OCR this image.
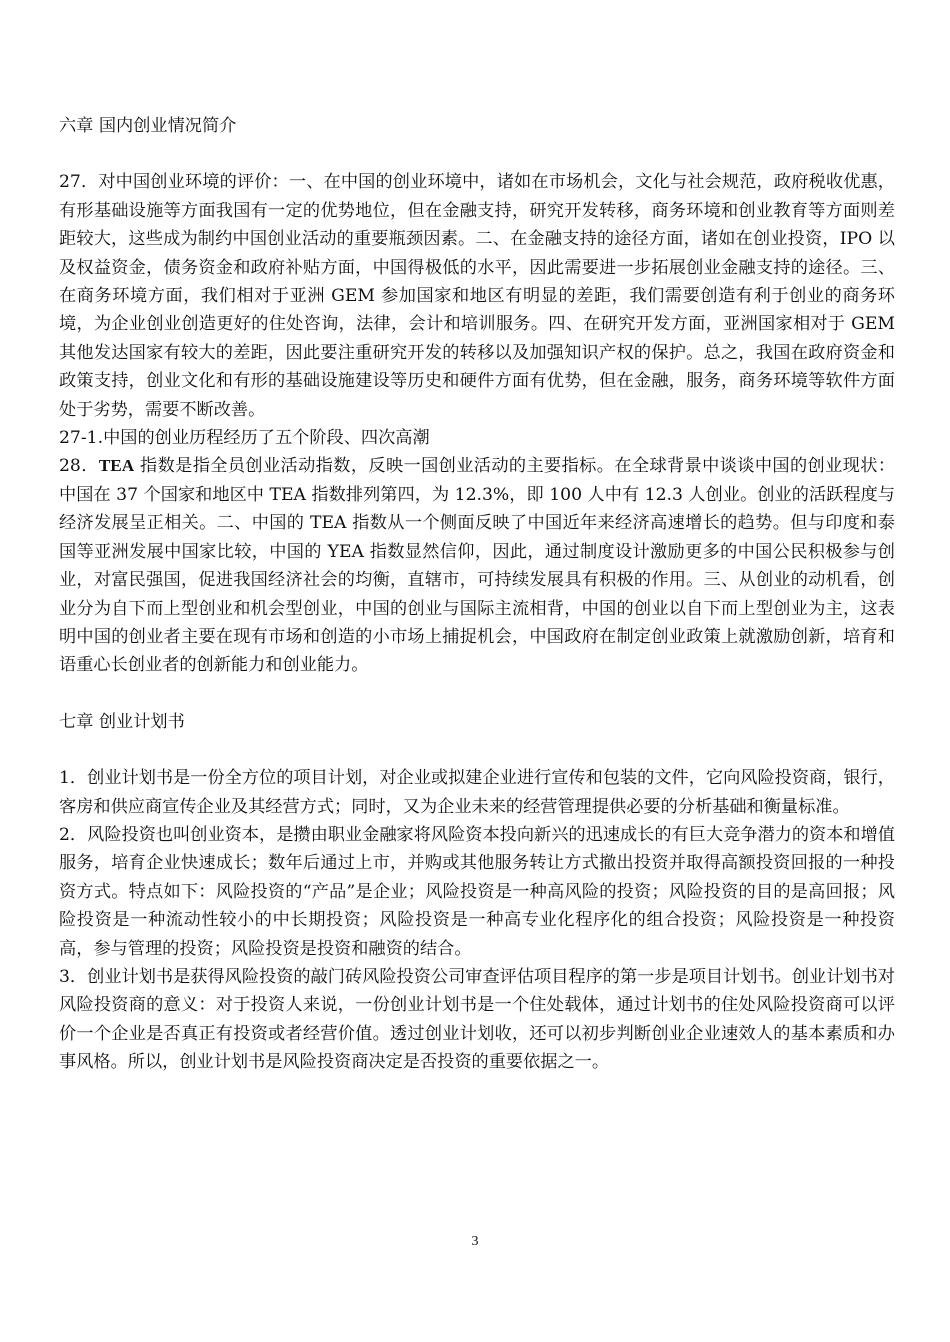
六章 国内创业情况简介

27．对中国创业环境的评价：一、在中国的创业环境中，诸如在市场机会，文化与社会规范，政府税收优惠，有形基础设施等方面我国有一定的优势地位，但在金融支持，研究开发转移，商务环境和创业教育等方面则差距较大，这些成为制约中国创业活动的重要瓶颈因素。二、在金融支持的途径方面，诸如在创业投资，IPO 以及权益资金，债务资金和政府补贴方面，中国得极低的水平，因此需要进一步拓展创业金融支持的途径。三、在商务环境方面，我们相对于亚洲 GEM 参加国家和地区有明显的差距，我们需要创造有利于创业的商务环境，为企业创业创造更好的住处咨询，法律，会计和培训服务。四、在研究开发方面，亚洲国家相对于 GEM 其他发达国家有较大的差距，因此要注重研究开发的转移以及加强知识产权的保护。总之，我国在政府资金和政策支持，创业文化和有形的基础设施建设等历史和硬件方面有优势，但在金融，服务，商务环境等软件方面处于劣势，需要不断改善。

27-1.中国的创业历程经历了五个阶段、四次高潮

28．TEA 指数是指全员创业活动指数，反映一国创业活动的主要指标。在全球背景中谈谈中国的创业现状：中国在 37 个国家和地区中 TEA 指数排列第四，为 12.3%，即 100 人中有 12.3 人创业。创业的活跃程度与经济发展呈正相关。二、中国的 TEA 指数从一个侧面反映了中国近年来经济高速增长的趋势。但与印度和泰国等亚洲发展中国家比较，中国的 YEA 指数显然信仰，因此，通过制度设计激励更多的中国公民积极参与创业，对富民强国，促进我国经济社会的均衡，直辖市，可持续发展具有积极的作用。三、从创业的动机看，创业分为自下而上型创业和机会型创业，中国的创业与国际主流相背，中国的创业以自下而上型创业为主，这表明中国的创业者主要在现有市场和创造的小市场上捕捉机会，中国政府在制定创业政策上就激励创新，培育和语重心长创业者的创新能力和创业能力。

七章 创业计划书

1．创业计划书是一份全方位的项目计划，对企业或拟建企业进行宣传和包装的文件，它向风险投资商，银行，客房和供应商宣传企业及其经营方式；同时，又为企业未来的经营管理提供必要的分析基础和衡量标准。

2．风险投资也叫创业资本，是攒由职业金融家将风险资本投向新兴的迅速成长的有巨大竞争潜力的资本和增值服务，培育企业快速成长；数年后通过上市，并购或其他服务转让方式撤出投资并取得高额投资回报的一种投资方式。特点如下：风险投资的“产品”是企业；风险投资是一种高风险的投资；风险投资的目的是高回报；风险投资是一种流动性较小的中长期投资；风险投资是一种高专业化程序化的组合投资；风险投资是一种投资高，参与管理的投资；风险投资是投资和融资的结合。

3．创业计划书是获得风险投资的敲门砖风险投资公司审查评估项目程序的第一步是项目计划书。创业计划书对风险投资商的意义：对于投资人来说，一份创业计划书是一个住处载体，通过计划书的住处风险投资商可以评价一个企业是否真正有投资或者经营价值。透过创业计划收，还可以初步判断创业企业速效人的基本素质和办事风格。所以，创业计划书是风险投资商决定是否投资的重要依据之一。

3
